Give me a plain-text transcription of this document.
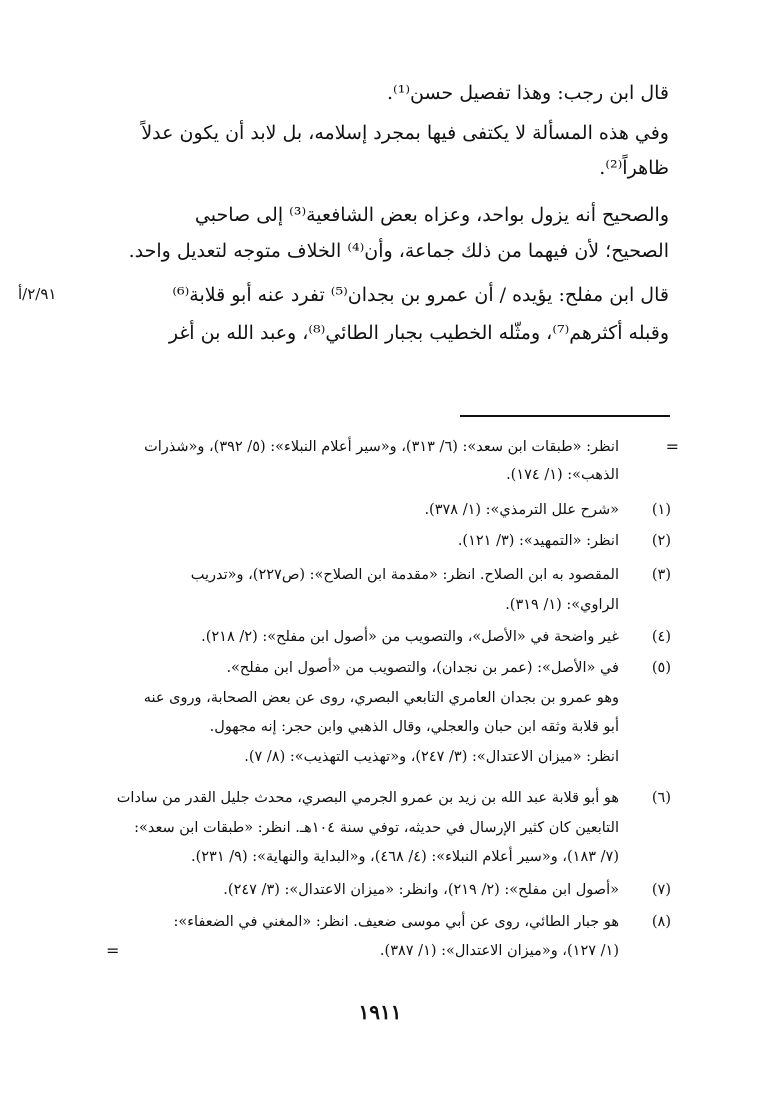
قال ابن رجب: وهذا تفصيل حسن⁽¹⁾.
وفي هذه المسألة لا يكتفى فيها بمجرد إسلامه، بل لابد أن يكون عدلاً
ظاهراً⁽²⁾.
والصحيح أنه يزول بواحد، وعزاه بعض الشافعية⁽³⁾ إلى صاحبي
الصحيح؛ لأن فيهما من ذلك جماعة، وأن⁽⁴⁾ الخلاف متوجه لتعديل واحد.
قال ابن مفلح: يؤيده / أن عمرو بن بجدان⁽⁵⁾ تفرد عنه أبو قلابة⁽⁶⁾
وقبله أكثرهم⁽⁷⁾، ومثّله الخطيب بجبار الطائي⁽⁸⁾، وعبد الله بن أغر
٢/٩١/أ
=
انظر: «طبقات ابن سعد»: (٦/ ٣١٣)، و«سير أعلام النبلاء»: (٥/ ٣٩٢)، و«شذرات
الذهب»: (١/ ١٧٤).
(١)
«شرح علل الترمذي»: (١/ ٣٧٨).
(٢)
انظر: «التمهيد»: (٣/ ١٢١).
(٣)
المقصود به ابن الصلاح. انظر: «مقدمة ابن الصلاح»: (ص٢٢٧)، و«تدريب
الراوي»: (١/ ٣١٩).
(٤)
غير واضحة في «الأصل»، والتصويب من «أصول ابن مفلح»: (٢/ ٢١٨).
(٥)
في «الأصل»: (عمر بن نجدان)، والتصويب من «أصول ابن مفلح».
وهو عمرو بن بجدان العامري التابعي البصري، روى عن بعض الصحابة، وروى عنه
أبو قلابة وثقه ابن حبان والعجلي، وقال الذهبي وابن حجر: إنه مجهول.
انظر: «ميزان الاعتدال»: (٣/ ٢٤٧)، و«تهذيب التهذيب»: (٨/ ٧).
(٦)
هو أبو قلابة عبد الله بن زيد بن عمرو الجرمي البصري، محدث جليل القدر من سادات
التابعين كان كثير الإرسال في حديثه، توفي سنة ١٠٤هـ. انظر: «طبقات ابن سعد»:
(٧/ ١٨٣)، و«سير أعلام النبلاء»: (٤/ ٤٦٨)، و«البداية والنهاية»: (٩/ ٢٣١).
(٧)
«أصول ابن مفلح»: (٢/ ٢١٩)، وانظر: «ميزان الاعتدال»: (٣/ ٢٤٧).
(٨)
هو جبار الطائي، روى عن أبي موسى ضعيف. انظر: «المغني في الضعفاء»:
(١/ ١٢٧)، و«ميزان الاعتدال»: (١/ ٣٨٧).
=
١٩١١
